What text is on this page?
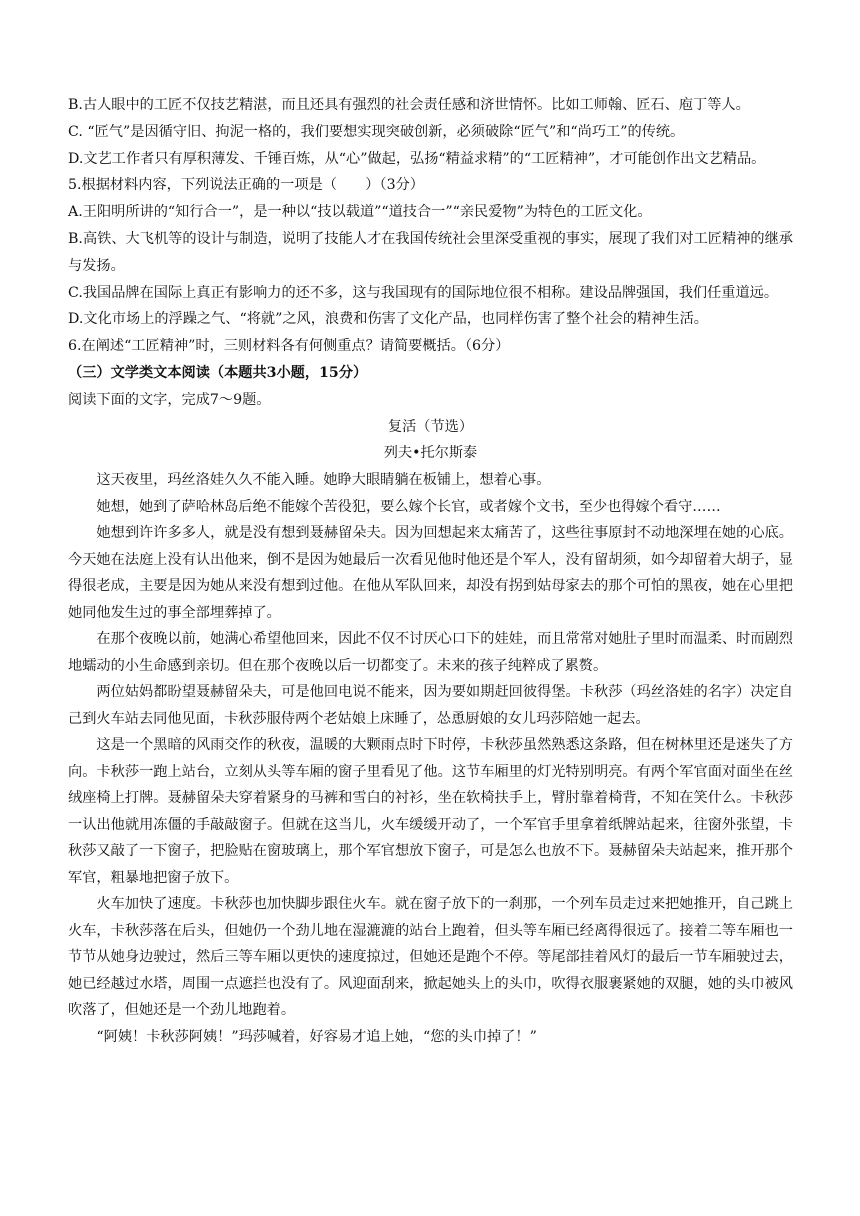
B.古人眼中的工匠不仅技艺精湛，而且还具有强烈的社会责任感和济世情怀。比如工师翰、匠石、庖丁等人。
C. “匠气”是因循守旧、拘泥一格的，我们要想实现突破创新，必须破除“匠气”和“尚巧工”的传统。
D.文艺工作者只有厚积薄发、千锤百炼，从“心”做起，弘扬“精益求精”的“工匠精神”，才可能创作出文艺精品。
5.根据材料内容，下列说法正确的一项是（　　）（3分）
A.王阳明所讲的“知行合一”，是一种以“技以载道”“道技合一”“亲民爱物”为特色的工匠文化。
B.高铁、大飞机等的设计与制造，说明了技能人才在我国传统社会里深受重视的事实，展现了我们对工匠精神的继承与发扬。
C.我国品牌在国际上真正有影响力的还不多，这与我国现有的国际地位很不相称。建设品牌强国，我们任重道远。
D.文化市场上的浮躁之气、“将就”之风，浪费和伤害了文化产品，也同样伤害了整个社会的精神生活。
6.在阐述“工匠精神”时，三则材料各有何侧重点？请简要概括。（6分）
（三）文学类文本阅读（本题共3小题，15分）
阅读下面的文字，完成7～9题。
复活（节选）
列夫•托尔斯泰

这天夜里，玛丝洛娃久久不能入睡。她睁大眼睛躺在板铺上，想着心事。

她想，她到了萨哈林岛后绝不能嫁个苦役犯，要么嫁个长官，或者嫁个文书，至少也得嫁个看守……

她想到许许多多人，就是没有想到聂赫留朵夫。因为回想起来太痛苦了，这些往事原封不动地深埋在她的心底。今天她在法庭上没有认出他来，倒不是因为她最后一次看见他时他还是个军人，没有留胡须，如今却留着大胡子，显得很老成，主要是因为她从来没有想到过他。在他从军队回来，却没有拐到姑母家去的那个可怕的黑夜，她在心里把她同他发生过的事全部埋葬掉了。

在那个夜晚以前，她满心希望他回来，因此不仅不讨厌心口下的娃娃，而且常常对她肚子里时而温柔、时而剧烈地蠕动的小生命感到亲切。但在那个夜晚以后一切都变了。未来的孩子纯粹成了累赘。

两位姑妈都盼望聂赫留朵夫，可是他回电说不能来，因为要如期赶回彼得堡。卡秋莎（玛丝洛娃的名字）决定自己到火车站去同他见面，卡秋莎服侍两个老姑娘上床睡了，怂恿厨娘的女儿玛莎陪她一起去。

这是一个黑暗的风雨交作的秋夜，温暖的大颗雨点时下时停，卡秋莎虽然熟悉这条路，但在树林里还是迷失了方向。卡秋莎一跑上站台，立刻从头等车厢的窗子里看见了他。这节车厢里的灯光特别明亮。有两个军官面对面坐在丝绒座椅上打牌。聂赫留朵夫穿着紧身的马裤和雪白的衬衫，坐在软椅扶手上，臂肘靠着椅背，不知在笑什么。卡秋莎一认出他就用冻僵的手敲敲窗子。但就在这当儿，火车缓缓开动了，一个军官手里拿着纸牌站起来，往窗外张望，卡秋莎又敲了一下窗子，把脸贴在窗玻璃上，那个军官想放下窗子，可是怎么也放不下。聂赫留朵夫站起来，推开那个军官，粗暴地把窗子放下。

火车加快了速度。卡秋莎也加快脚步跟住火车。就在窗子放下的一刹那，一个列车员走过来把她推开，自己跳上火车，卡秋莎落在后头，但她仍一个劲儿地在湿漉漉的站台上跑着，但头等车厢已经离得很远了。接着二等车厢也一节节从她身边驶过，然后三等车厢以更快的速度掠过，但她还是跑个不停。等尾部挂着风灯的最后一节车厢驶过去，她已经越过水塔，周围一点遮拦也没有了。风迎面刮来，掀起她头上的头巾，吹得衣服裹紧她的双腿，她的头巾被风吹落了，但她还是一个劲儿地跑着。

“阿姨！卡秋莎阿姨！”玛莎喊着，好容易才追上她，“您的头巾掉了！”
